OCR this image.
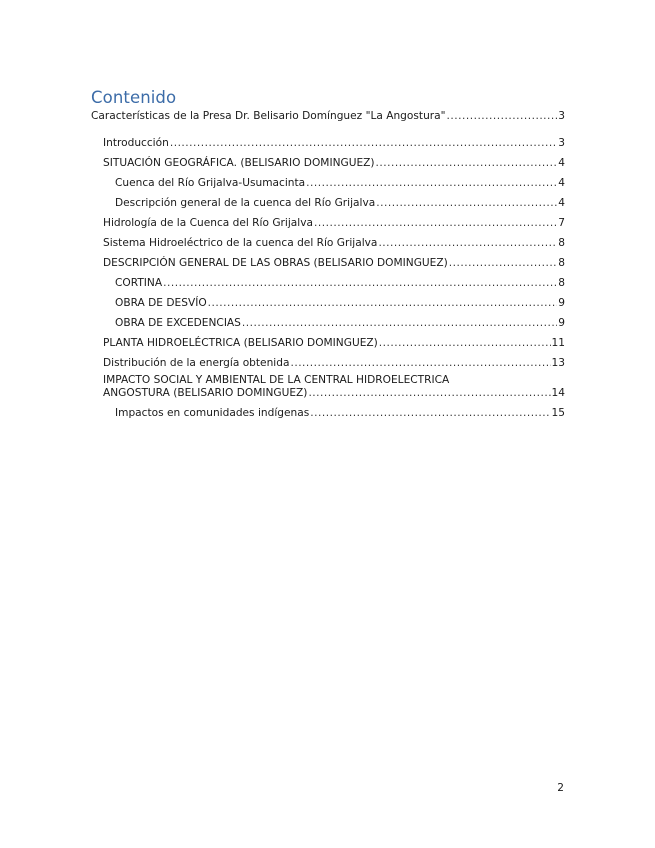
Contenido
Características de la Presa Dr. Belisario Domínguez "La Angostura" .....	3
Introducción .....	3
SITUACIÓN GEOGRÁFICA. (BELISARIO DOMINGUEZ) .....	4
Cuenca del Río Grijalva-Usumacinta .....	4
Descripción general de la cuenca del Río Grijalva .....	4
Hidrología de la Cuenca del Río Grijalva .....	7
Sistema Hidroeléctrico de la cuenca del Río Grijalva .....	8
DESCRIPCIÓN GENERAL DE LAS OBRAS (BELISARIO DOMINGUEZ) .....	8
CORTINA .....	8
OBRA DE DESVÍO .....	9
OBRA DE EXCEDENCIAS .....	9
PLANTA HIDROELÉCTRICA (BELISARIO DOMINGUEZ) .....	11
Distribución de la energía obtenida .....	13
IMPACTO SOCIAL Y AMBIENTAL DE LA CENTRAL HIDROELECTRICA
ANGOSTURA (BELISARIO DOMINGUEZ) .....	14
Impactos en comunidades indígenas .....	15
2
